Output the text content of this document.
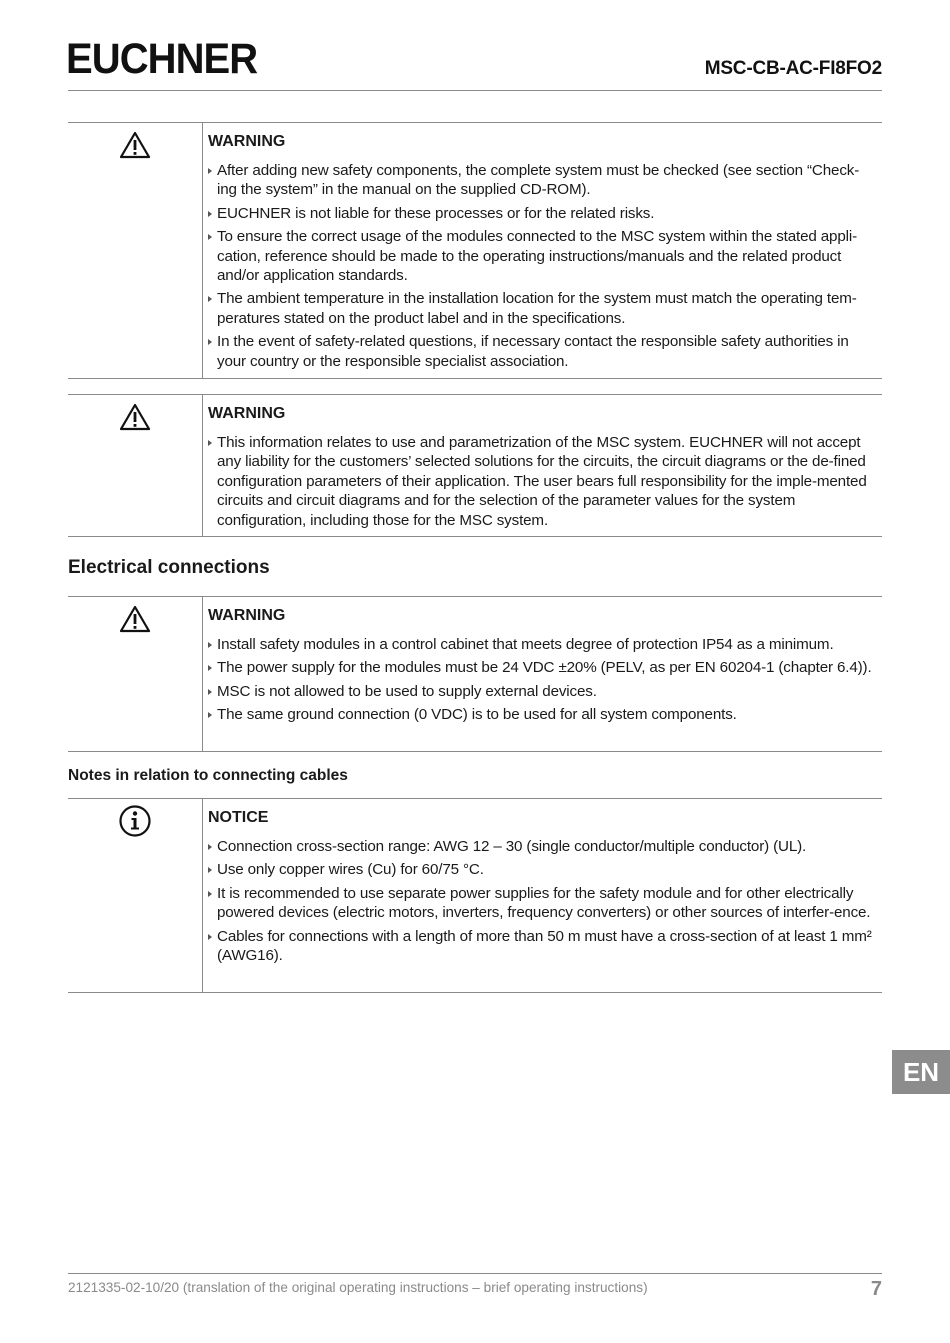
EUCHNER	MSC-CB-AC-FI8FO2
WARNING
After adding new safety components, the complete system must be checked (see section “Check-ing the system” in the manual on the supplied CD-ROM).
EUCHNER is not liable for these processes or for the related risks.
To ensure the correct usage of the modules connected to the MSC system within the stated appli-cation, reference should be made to the operating instructions/manuals and the related product and/or application standards.
The ambient temperature in the installation location for the system must match the operating tem-peratures stated on the product label and in the specifications.
In the event of safety-related questions, if necessary contact the responsible safety authorities in your country or the responsible specialist association.
WARNING
This information relates to use and parametrization of the MSC system. EUCHNER will not accept any liability for the customers’ selected solutions for the circuits, the circuit diagrams or the de-fined configuration parameters of their application. The user bears full responsibility for the imple-mented circuits and circuit diagrams and for the selection of the parameter values for the system configuration, including those for the MSC system.
Electrical connections
WARNING
Install safety modules in a control cabinet that meets degree of protection IP54 as a minimum.
The power supply for the modules must be 24 VDC ±20% (PELV, as per EN 60204-1 (chapter 6.4)).
MSC is not allowed to be used to supply external devices.
The same ground connection (0 VDC) is to be used for all system components.
Notes in relation to connecting cables
NOTICE
Connection cross-section range: AWG 12 – 30 (single conductor/multiple conductor) (UL).
Use only copper wires (Cu) for 60/75 °C.
It is recommended to use separate power supplies for the safety module and for other electrically powered devices (electric motors, inverters, frequency converters) or other sources of interfer-ence.
Cables for connections with a length of more than 50 m must have a cross-section of at least 1 mm² (AWG16).
EN
2121335-02-10/20 (translation of the original operating instructions – brief operating instructions)	7
